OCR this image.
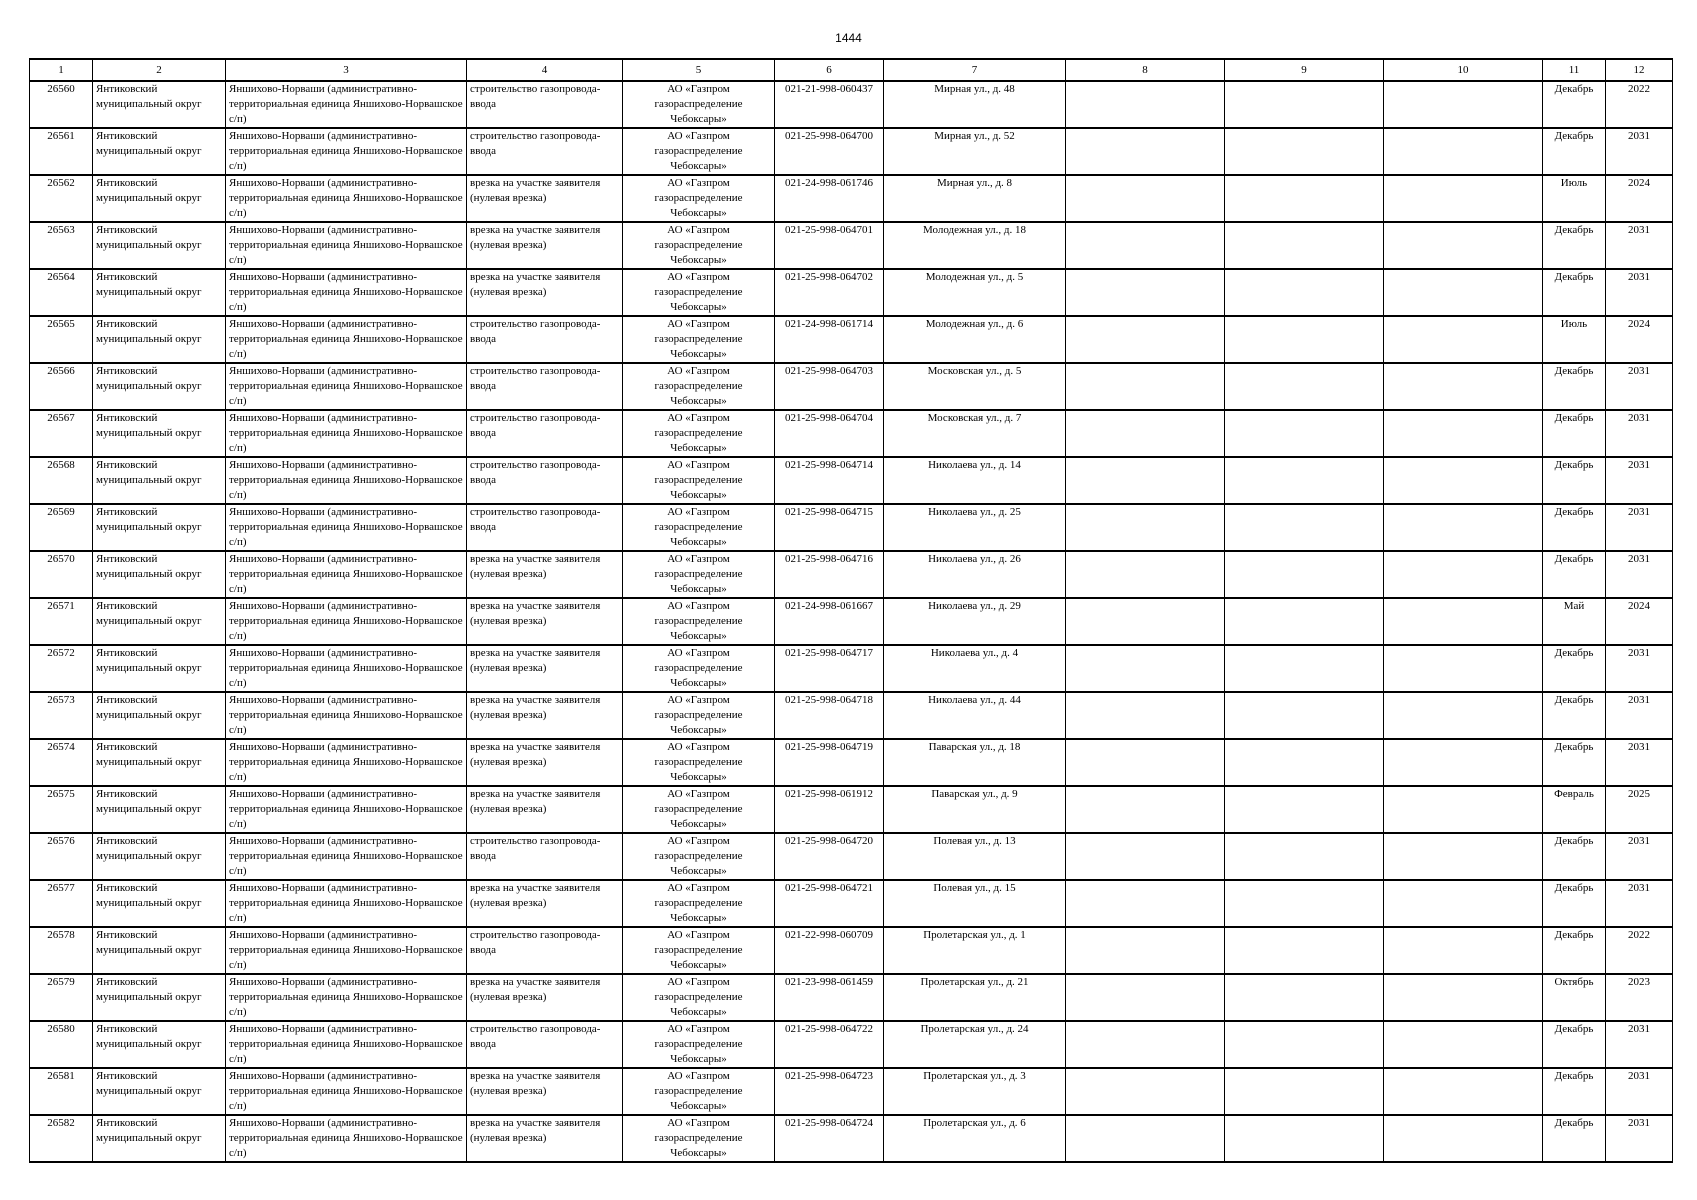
1444
1	2	3	4	5	6	7	8	9	10	11	12
26560	Янтиковский муниципальный округ	Яншихово-Норваши (административно-территориальная единица Яншихово-Норвашское с/п)	строительство газопровода-ввода	АО «Газпром газораспределение Чебоксары»	021-21-998-060437	Мирная ул., д. 48				Декабрь	2022
26561	Янтиковский муниципальный округ	Яншихово-Норваши (административно-территориальная единица Яншихово-Норвашское с/п)	строительство газопровода-ввода	АО «Газпром газораспределение Чебоксары»	021-25-998-064700	Мирная ул., д. 52				Декабрь	2031
26562	Янтиковский муниципальный округ	Яншихово-Норваши (административно-территориальная единица Яншихово-Норвашское с/п)	врезка на участке заявителя (нулевая врезка)	АО «Газпром газораспределение Чебоксары»	021-24-998-061746	Мирная ул., д. 8				Июль	2024
26563	Янтиковский муниципальный округ	Яншихово-Норваши (административно-территориальная единица Яншихово-Норвашское с/п)	врезка на участке заявителя (нулевая врезка)	АО «Газпром газораспределение Чебоксары»	021-25-998-064701	Молодежная ул., д. 18				Декабрь	2031
26564	Янтиковский муниципальный округ	Яншихово-Норваши (административно-территориальная единица Яншихово-Норвашское с/п)	врезка на участке заявителя (нулевая врезка)	АО «Газпром газораспределение Чебоксары»	021-25-998-064702	Молодежная ул., д. 5				Декабрь	2031
26565	Янтиковский муниципальный округ	Яншихово-Норваши (административно-территориальная единица Яншихово-Норвашское с/п)	строительство газопровода-ввода	АО «Газпром газораспределение Чебоксары»	021-24-998-061714	Молодежная ул., д. 6				Июль	2024
26566	Янтиковский муниципальный округ	Яншихово-Норваши (административно-территориальная единица Яншихово-Норвашское с/п)	строительство газопровода-ввода	АО «Газпром газораспределение Чебоксары»	021-25-998-064703	Московская ул., д. 5				Декабрь	2031
26567	Янтиковский муниципальный округ	Яншихово-Норваши (административно-территориальная единица Яншихово-Норвашское с/п)	строительство газопровода-ввода	АО «Газпром газораспределение Чебоксары»	021-25-998-064704	Московская ул., д. 7				Декабрь	2031
26568	Янтиковский муниципальный округ	Яншихово-Норваши (административно-территориальная единица Яншихово-Норвашское с/п)	строительство газопровода-ввода	АО «Газпром газораспределение Чебоксары»	021-25-998-064714	Николаева ул., д. 14				Декабрь	2031
26569	Янтиковский муниципальный округ	Яншихово-Норваши (административно-территориальная единица Яншихово-Норвашское с/п)	строительство газопровода-ввода	АО «Газпром газораспределение Чебоксары»	021-25-998-064715	Николаева ул., д. 25				Декабрь	2031
26570	Янтиковский муниципальный округ	Яншихово-Норваши (административно-территориальная единица Яншихово-Норвашское с/п)	врезка на участке заявителя (нулевая врезка)	АО «Газпром газораспределение Чебоксары»	021-25-998-064716	Николаева ул., д. 26				Декабрь	2031
26571	Янтиковский муниципальный округ	Яншихово-Норваши (административно-территориальная единица Яншихово-Норвашское с/п)	врезка на участке заявителя (нулевая врезка)	АО «Газпром газораспределение Чебоксары»	021-24-998-061667	Николаева ул., д. 29				Май	2024
26572	Янтиковский муниципальный округ	Яншихово-Норваши (административно-территориальная единица Яншихово-Норвашское с/п)	врезка на участке заявителя (нулевая врезка)	АО «Газпром газораспределение Чебоксары»	021-25-998-064717	Николаева ул., д. 4				Декабрь	2031
26573	Янтиковский муниципальный округ	Яншихово-Норваши (административно-территориальная единица Яншихово-Норвашское с/п)	врезка на участке заявителя (нулевая врезка)	АО «Газпром газораспределение Чебоксары»	021-25-998-064718	Николаева ул., д. 44				Декабрь	2031
26574	Янтиковский муниципальный округ	Яншихово-Норваши (административно-территориальная единица Яншихово-Норвашское с/п)	врезка на участке заявителя (нулевая врезка)	АО «Газпром газораспределение Чебоксары»	021-25-998-064719	Паварская ул., д. 18				Декабрь	2031
26575	Янтиковский муниципальный округ	Яншихово-Норваши (административно-территориальная единица Яншихово-Норвашское с/п)	врезка на участке заявителя (нулевая врезка)	АО «Газпром газораспределение Чебоксары»	021-25-998-061912	Паварская ул., д. 9				Февраль	2025
26576	Янтиковский муниципальный округ	Яншихово-Норваши (административно-территориальная единица Яншихово-Норвашское с/п)	строительство газопровода-ввода	АО «Газпром газораспределение Чебоксары»	021-25-998-064720	Полевая ул., д. 13				Декабрь	2031
26577	Янтиковский муниципальный округ	Яншихово-Норваши (административно-территориальная единица Яншихово-Норвашское с/п)	врезка на участке заявителя (нулевая врезка)	АО «Газпром газораспределение Чебоксары»	021-25-998-064721	Полевая ул., д. 15				Декабрь	2031
26578	Янтиковский муниципальный округ	Яншихово-Норваши (административно-территориальная единица Яншихово-Норвашское с/п)	строительство газопровода-ввода	АО «Газпром газораспределение Чебоксары»	021-22-998-060709	Пролетарская ул., д. 1				Декабрь	2022
26579	Янтиковский муниципальный округ	Яншихово-Норваши (административно-территориальная единица Яншихово-Норвашское с/п)	врезка на участке заявителя (нулевая врезка)	АО «Газпром газораспределение Чебоксары»	021-23-998-061459	Пролетарская ул., д. 21				Октябрь	2023
26580	Янтиковский муниципальный округ	Яншихово-Норваши (административно-территориальная единица Яншихово-Норвашское с/п)	строительство газопровода-ввода	АО «Газпром газораспределение Чебоксары»	021-25-998-064722	Пролетарская ул., д. 24				Декабрь	2031
26581	Янтиковский муниципальный округ	Яншихово-Норваши (административно-территориальная единица Яншихово-Норвашское с/п)	врезка на участке заявителя (нулевая врезка)	АО «Газпром газораспределение Чебоксары»	021-25-998-064723	Пролетарская ул., д. 3				Декабрь	2031
26582	Янтиковский муниципальный округ	Яншихово-Норваши (административно-территориальная единица Яншихово-Норвашское с/п)	врезка на участке заявителя (нулевая врезка)	АО «Газпром газораспределение Чебоксары»	021-25-998-064724	Пролетарская ул., д. 6				Декабрь	2031
